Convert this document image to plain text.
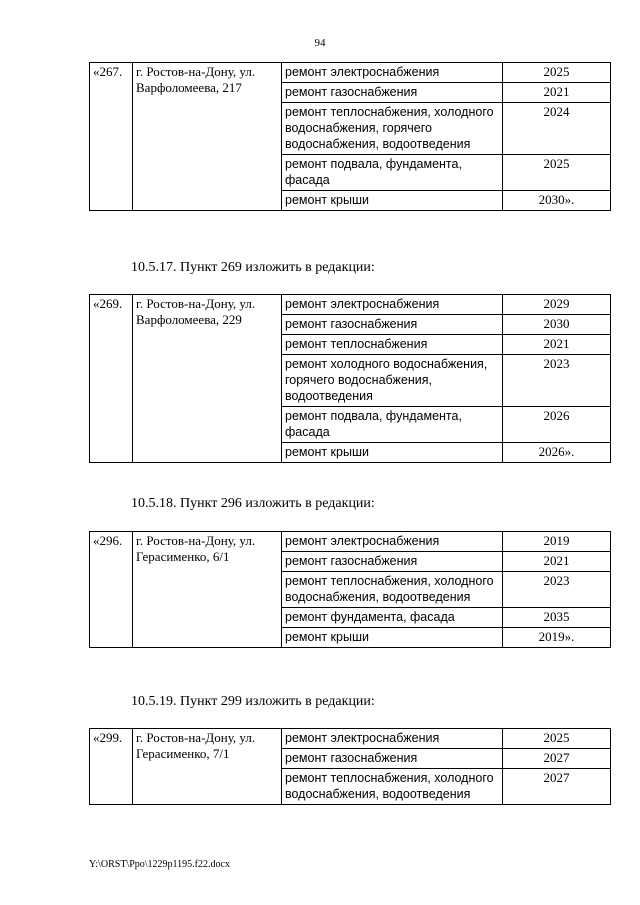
94
«267.	г. Ростов-на-Дону, ул. Варфоломеева, 217	ремонт электроснабжения	2025
		ремонт газоснабжения	2021
		ремонт теплоснабжения, холодного водоснабжения, горячего водоснабжения, водоотведения	2024
		ремонт подвала, фундамента, фасада	2025
		ремонт крыши	2030».
10.5.17. Пункт 269 изложить в редакции:
«269.	г. Ростов-на-Дону, ул. Варфоломеева, 229	ремонт электроснабжения	2029
		ремонт газоснабжения	2030
		ремонт теплоснабжения	2021
		ремонт холодного водоснабжения, горячего водоснабжения, водоотведения	2023
		ремонт подвала, фундамента, фасада	2026
		ремонт крыши	2026».
10.5.18. Пункт 296 изложить в редакции:
«296.	г. Ростов-на-Дону, ул. Герасименко, 6/1	ремонт электроснабжения	2019
		ремонт газоснабжения	2021
		ремонт теплоснабжения, холодного водоснабжения, водоотведения	2023
		ремонт фундамента, фасада	2035
		ремонт крыши	2019».
10.5.19. Пункт 299 изложить в редакции:
«299.	г. Ростов-на-Дону, ул. Герасименко, 7/1	ремонт электроснабжения	2025
		ремонт газоснабжения	2027
		ремонт теплоснабжения, холодного водоснабжения, водоотведения	2027
Y:\ORST\Ppo\1229p1195.f22.docx
